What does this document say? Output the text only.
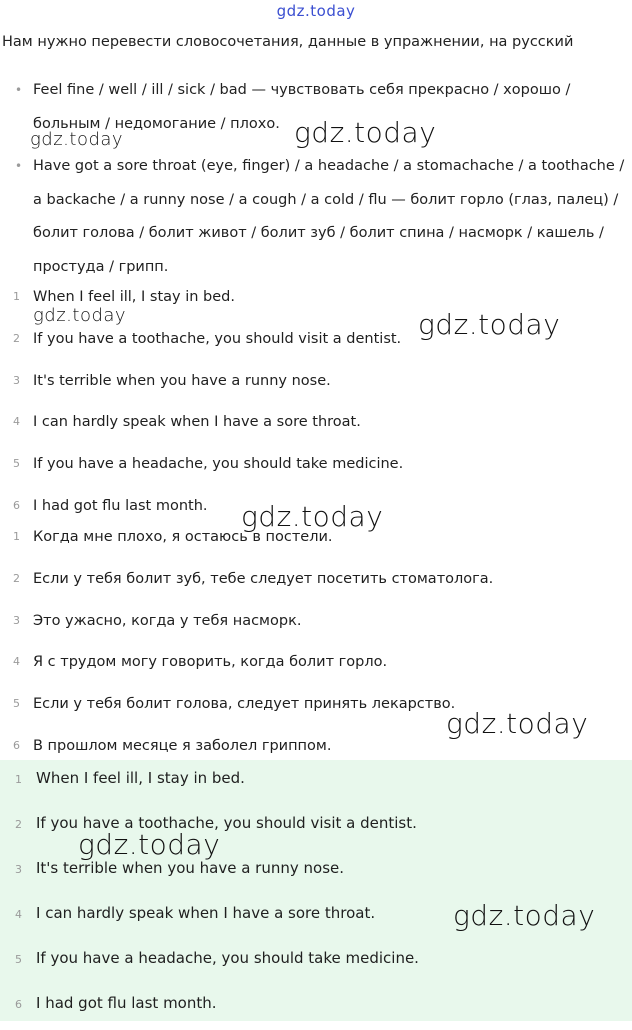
gdz.today
Нам нужно перевести словосочетания, данные в упражнении, на русский
• Feel fine / well / ill / sick / bad — чувствовать себя прекрасно / хорошо / больным / недомогание / плохо.
• Have got a sore throat (eye, finger) / a headache / a stomachache / a toothache / a backache / a runny nose / a cough / a cold / flu — болит горло (глаз, палец) / болит голова / болит живот / болит зуб / болит спина / насморк / кашель / простуда / грипп.
1 When I feel ill, I stay in bed.
2 If you have a toothache, you should visit a dentist.
3 It's terrible when you have a runny nose.
4 I can hardly speak when I have a sore throat.
5 If you have a headache, you should take medicine.
6 I had got flu last month.
1 Когда мне плохо, я остаюсь в постели.
2 Если у тебя болит зуб, тебе следует посетить стоматолога.
3 Это ужасно, когда у тебя насморк.
4 Я с трудом могу говорить, когда болит горло.
5 Если у тебя болит голова, следует принять лекарство.
6 В прошлом месяце я заболел гриппом.
1 When I feel ill, I stay in bed.
2 If you have a toothache, you should visit a dentist.
3 It's terrible when you have a runny nose.
4 I can hardly speak when I have a sore throat.
5 If you have a headache, you should take medicine.
6 I had got flu last month.
gdz.today	gdz.today
gdz.today	gdz.today
gdz.today
gdz.today
gdz.today
gdz.today
